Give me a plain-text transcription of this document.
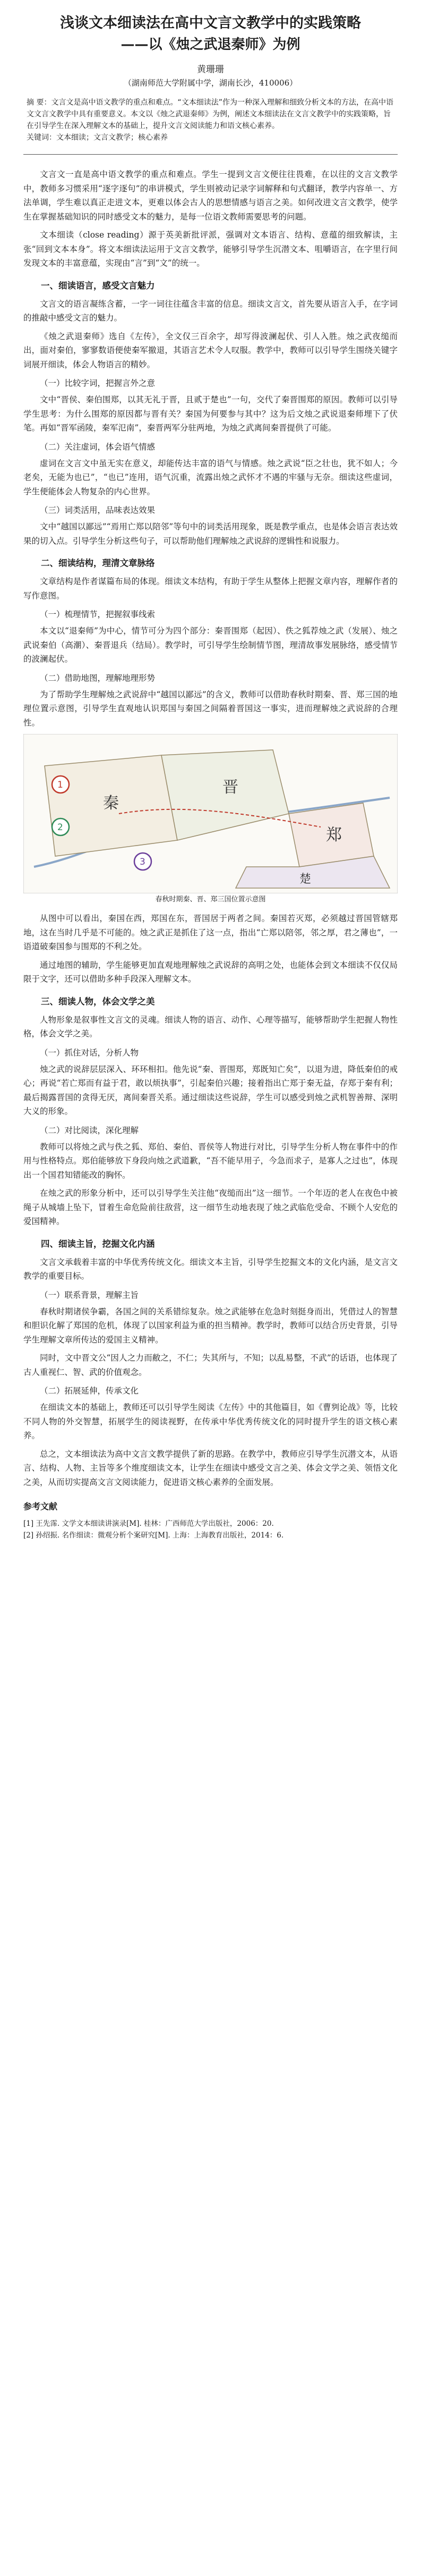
浅谈文本细读法在高中文言文教学中的实践策略
——以《烛之武退秦师》为例
黄珊珊
（湖南师范大学附属中学，湖南长沙，410006）

摘 要：文言文是高中语文教学的重点和难点。“文本细读法”作为一种深入理解和细致分析文本的方法，在高中语文文言文教学中具有重要意义。本文以《烛之武退秦师》为例，阐述文本细读法在文言文教学中的实践策略，旨在引导学生在深入理解文本的基础上，提升文言文阅读能力和语文核心素养。

关键词：文本细读；文言文教学；核心素养

文言文一直是高中语文教学的重点和难点。学生一提到文言文便往往畏难，在以往的文言文教学中，教师多习惯采用“逐字逐句”的串讲模式，学生则被动记录字词解释和句式翻译，教学内容单一、方法单调，学生难以真正走进文本，更难以体会古人的思想情感与语言之美。如何改进文言文教学，使学生在掌握基础知识的同时感受文本的魅力，是每一位语文教师需要思考的问题。

文本细读（close reading）源于英美新批评派，强调对文本语言、结构、意蕴的细致解读，主张“回到文本本身”。将文本细读法运用于文言文教学，能够引导学生沉潜文本、咀嚼语言，在字里行间发现文本的丰富意蕴，实现由“言”到“文”的统一。

一、细读语言，感受文言魅力

文言文的语言凝练含蓄，一字一词往往蕴含丰富的信息。细读文言文，首先要从语言入手，在字词的推敲中感受文言的魅力。

《烛之武退秦师》选自《左传》，全文仅三百余字，却写得波澜起伏、引人入胜。烛之武夜缒而出，面对秦伯，寥寥数语便使秦军撤退，其语言艺术令人叹服。教学中，教师可以引导学生围绕关键字词展开细读，体会人物语言的精妙。

（一）比较字词，把握言外之意

文中“晋侯、秦伯围郑，以其无礼于晋，且贰于楚也”一句，交代了秦晋围郑的原因。教师可以引导学生思考：为什么围郑的原因都与晋有关？秦国为何要参与其中？这为后文烛之武说退秦师埋下了伏笔。再如“晋军函陵，秦军氾南”，秦晋两军分驻两地，为烛之武离间秦晋提供了可能。

（二）关注虚词，体会语气情感

虚词在文言文中虽无实在意义，却能传达丰富的语气与情感。烛之武说“臣之壮也，犹不如人；今老矣，无能为也已”，“也已”连用，语气沉重，流露出烛之武怀才不遇的牢骚与无奈。细读这些虚词，学生便能体会人物复杂的内心世界。

（三）词类活用，品味表达效果

文中“越国以鄙远”“焉用亡郑以陪邻”等句中的词类活用现象，既是教学重点，也是体会语言表达效果的切入点。引导学生分析这些句子，可以帮助他们理解烛之武说辞的逻辑性和说服力。

二、细读结构，理清文章脉络

文章结构是作者谋篇布局的体现。细读文本结构，有助于学生从整体上把握文章内容，理解作者的写作意图。

（一）梳理情节，把握叙事线索

本文以“退秦师”为中心，情节可分为四个部分：秦晋围郑（起因）、佚之狐荐烛之武（发展）、烛之武说秦伯（高潮）、秦晋退兵（结局）。教学时，可引导学生绘制情节图，理清故事发展脉络，感受情节的波澜起伏。

（二）借助地图，理解地理形势

为了帮助学生理解烛之武说辞中“越国以鄙远”的含义，教师可以借助春秋时期秦、晋、郑三国的地理位置示意图，引导学生直观地认识郑国与秦国之间隔着晋国这一事实，进而理解烛之武说辞的合理性。

秦
晋
郑
楚
1
2
3
春秋时期秦、晋、郑三国位置示意图

从图中可以看出，秦国在西，郑国在东，晋国居于两者之间。秦国若灭郑，必须越过晋国管辖郑地，这在当时几乎是不可能的。烛之武正是抓住了这一点，指出“亡郑以陪邻，邻之厚，君之薄也”，一语道破秦国参与围郑的不利之处。

通过地图的辅助，学生能够更加直观地理解烛之武说辞的高明之处，也能体会到文本细读不仅仅局限于文字，还可以借助多种手段深入理解文本。

三、细读人物，体会文学之美

人物形象是叙事性文言文的灵魂。细读人物的语言、动作、心理等描写，能够帮助学生把握人物性格，体会文学之美。

（一）抓住对话，分析人物

烛之武的说辞层层深入、环环相扣。他先说“秦、晋围郑，郑既知亡矣”，以退为进，降低秦伯的戒心；再说“若亡郑而有益于君，敢以烦执事”，引起秦伯兴趣；接着指出亡郑于秦无益，存郑于秦有利；最后揭露晋国的贪得无厌，离间秦晋关系。通过细读这些说辞，学生可以感受到烛之武机智善辩、深明大义的形象。

（二）对比阅读，深化理解

教师可以将烛之武与佚之狐、郑伯、秦伯、晋侯等人物进行对比，引导学生分析人物在事件中的作用与性格特点。郑伯能够放下身段向烛之武道歉，“吾不能早用子，今急而求子，是寡人之过也”，体现出一个国君知错能改的胸怀。

在烛之武的形象分析中，还可以引导学生关注他“夜缒而出”这一细节。一个年迈的老人在夜色中被绳子从城墙上坠下，冒着生命危险前往敌营，这一细节生动地表现了烛之武临危受命、不顾个人安危的爱国精神。

四、细读主旨，挖掘文化内涵

文言文承载着丰富的中华优秀传统文化。细读文本主旨，引导学生挖掘文本的文化内涵，是文言文教学的重要目标。

（一）联系背景，理解主旨

春秋时期诸侯争霸，各国之间的关系错综复杂。烛之武能够在危急时刻挺身而出，凭借过人的智慧和胆识化解了郑国的危机，体现了以国家利益为重的担当精神。教学时，教师可以结合历史背景，引导学生理解文章所传达的爱国主义精神。

同时，文中晋文公“因人之力而敝之，不仁；失其所与，不知；以乱易整，不武”的话语，也体现了古人重视仁、智、武的价值观念。

（二）拓展延伸，传承文化

在细读文本的基础上，教师还可以引导学生阅读《左传》中的其他篇目，如《曹刿论战》等，比较不同人物的外交智慧，拓展学生的阅读视野，在传承中华优秀传统文化的同时提升学生的语文核心素养。

总之，文本细读法为高中文言文教学提供了新的思路。在教学中，教师应引导学生沉潜文本，从语言、结构、人物、主旨等多个维度细读文本，让学生在细读中感受文言之美、体会文学之美、领悟文化之美，从而切实提高文言文阅读能力，促进语文核心素养的全面发展。

参考文献
[1] 王先霈. 文学文本细读讲演录[M]. 桂林：广西师范大学出版社，2006：20.
[2] 孙绍振. 名作细读：微观分析个案研究[M]. 上海：上海教育出版社，2014：6.
